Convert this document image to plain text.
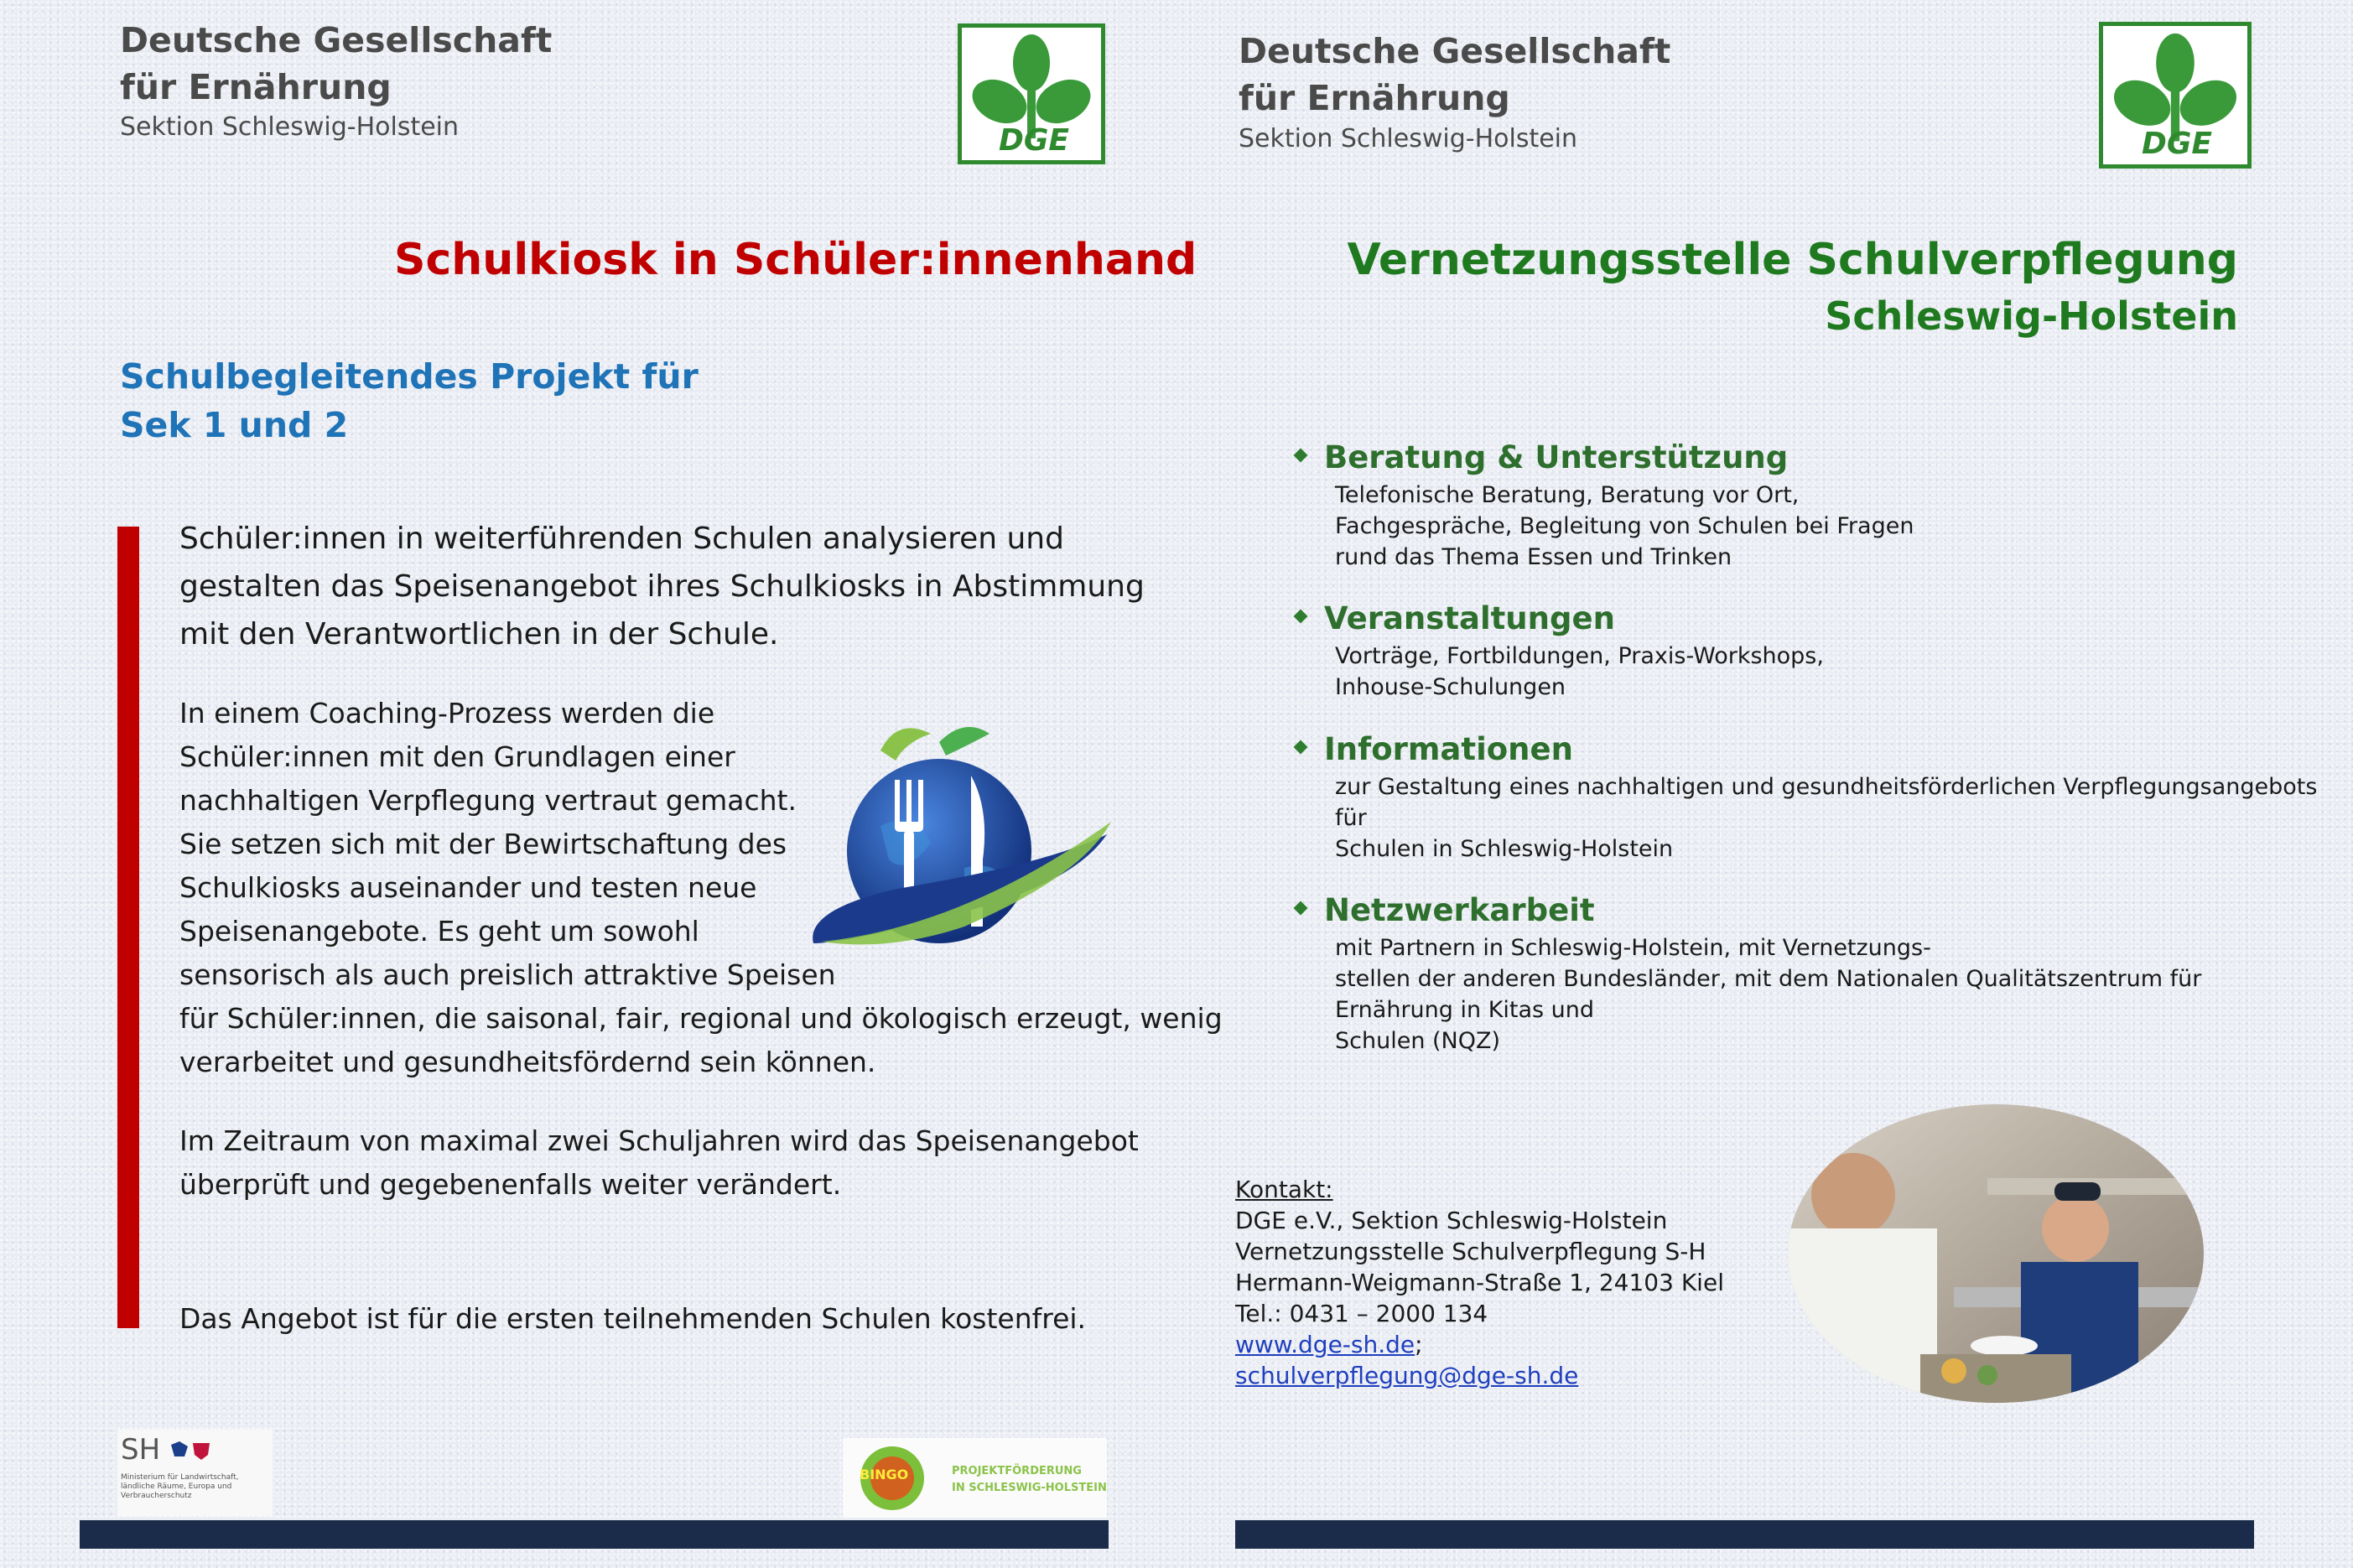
Deutsche Gesellschaft
für Ernährung
Sektion Schleswig-Holstein	DGE
Schulkiosk in Schüler:innenhand
Schulbegleitendes Projekt für
Sek 1 und 2
Schüler:innen in weiterführenden Schulen analysieren und
gestalten das Speisenangebot ihres Schulkiosks in Abstimmung
mit den Verantwortlichen in der Schule.
In einem Coaching-Prozess werden die
Schüler:innen mit den Grundlagen einer
nachhaltigen Verpflegung vertraut gemacht.
Sie setzen sich mit der Bewirtschaftung des
Schulkiosks auseinander und testen neue
Speisenangebote. Es geht um sowohl
sensorisch als auch preislich attraktive Speisen
für Schüler:innen, die saisonal, fair, regional und ökologisch erzeugt, wenig
verarbeitet und gesundheitsfördernd sein können.
Im Zeitraum von maximal zwei Schuljahren wird das Speisenangebot
überprüft und gegebenenfalls weiter verändert.
Das Angebot ist für die ersten teilnehmenden Schulen kostenfrei.
SH
Ministerium für Landwirtschaft, ländliche Räume, Europa und Verbraucherschutz
BINGO	PROJEKTFÖRDERUNG
IN SCHLESWIG-HOLSTEIN
Deutsche Gesellschaft
für Ernährung
Sektion Schleswig-Holstein	DGE
Vernetzungsstelle Schulverpflegung
Schleswig-Holstein
Beratung & Unterstützung
Telefonische Beratung, Beratung vor Ort,
Fachgespräche, Begleitung von Schulen bei Fragen
rund das Thema Essen und Trinken
Veranstaltungen
Vorträge, Fortbildungen, Praxis-Workshops,
Inhouse-Schulungen
Informationen
zur Gestaltung eines nachhaltigen und gesundheitsförderlichen Verpflegungsangebots
für
Schulen in Schleswig-Holstein
Netzwerkarbeit
mit Partnern in Schleswig-Holstein, mit Vernetzungs-
stellen der anderen Bundesländer, mit dem Nationalen Qualitätszentrum für
Ernährung in Kitas und
Schulen (NQZ)
Kontakt:
DGE e.V., Sektion Schleswig-Holstein
Vernetzungsstelle Schulverpflegung S-H
Hermann-Weigmann-Straße 1, 24103 Kiel
Tel.: 0431 – 2000 134
www.dge-sh.de;
schulverpflegung@dge-sh.de
